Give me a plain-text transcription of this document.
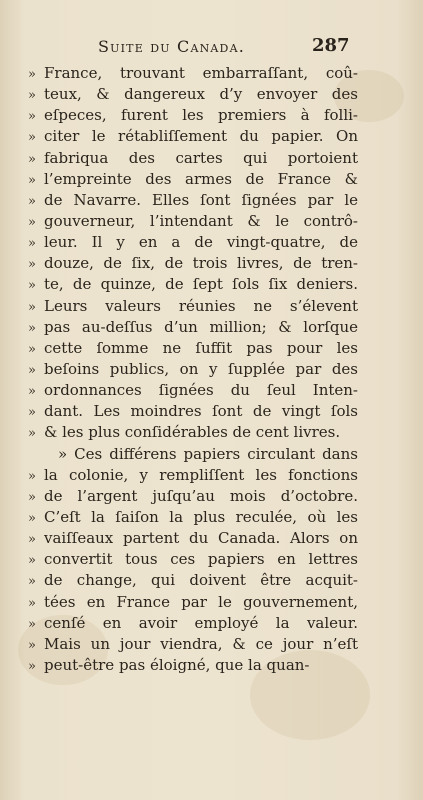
Suite du Canada.	287
» France, trouvant embarraſſant, coû-
» teux, & dangereux d’y envoyer des
» eſpeces, furent les premiers à folli-
» citer le rétabliſſement du papier. On
» fabriqua des cartes qui portoient
» l’empreinte des armes de France &
» de Navarre. Elles ſont ſignées par le
» gouverneur, l’intendant & le contrô-
» leur. Il y en a de vingt-quatre, de
» douze, de ſix, de trois livres, de tren-
» te, de quinze, de ſept ſols ſix deniers.
» Leurs valeurs réunies ne s’élevent
» pas au-deſſus d’un million; & lorſque
» cette ſomme ne ſuffit pas pour les
» beſoins publics, on y ſupplée par des
» ordonnances ſignées du ſeul Inten-
» dant. Les moindres ſont de vingt ſols
» & les plus conſidérables de cent livres.
» Ces différens papiers circulant dans
» la colonie, y rempliſſent les fonctions
» de l’argent juſqu’au mois d’octobre.
» C’eſt la ſaiſon la plus reculée, où les
» vaiſſeaux partent du Canada. Alors on
» convertit tous ces papiers en lettres
» de change, qui doivent être acquit-
» tées en France par le gouvernement,
» cenſé en avoir employé la valeur.
» Mais un jour viendra, & ce jour n’eſt
» peut-être pas éloigné, que la quan-
